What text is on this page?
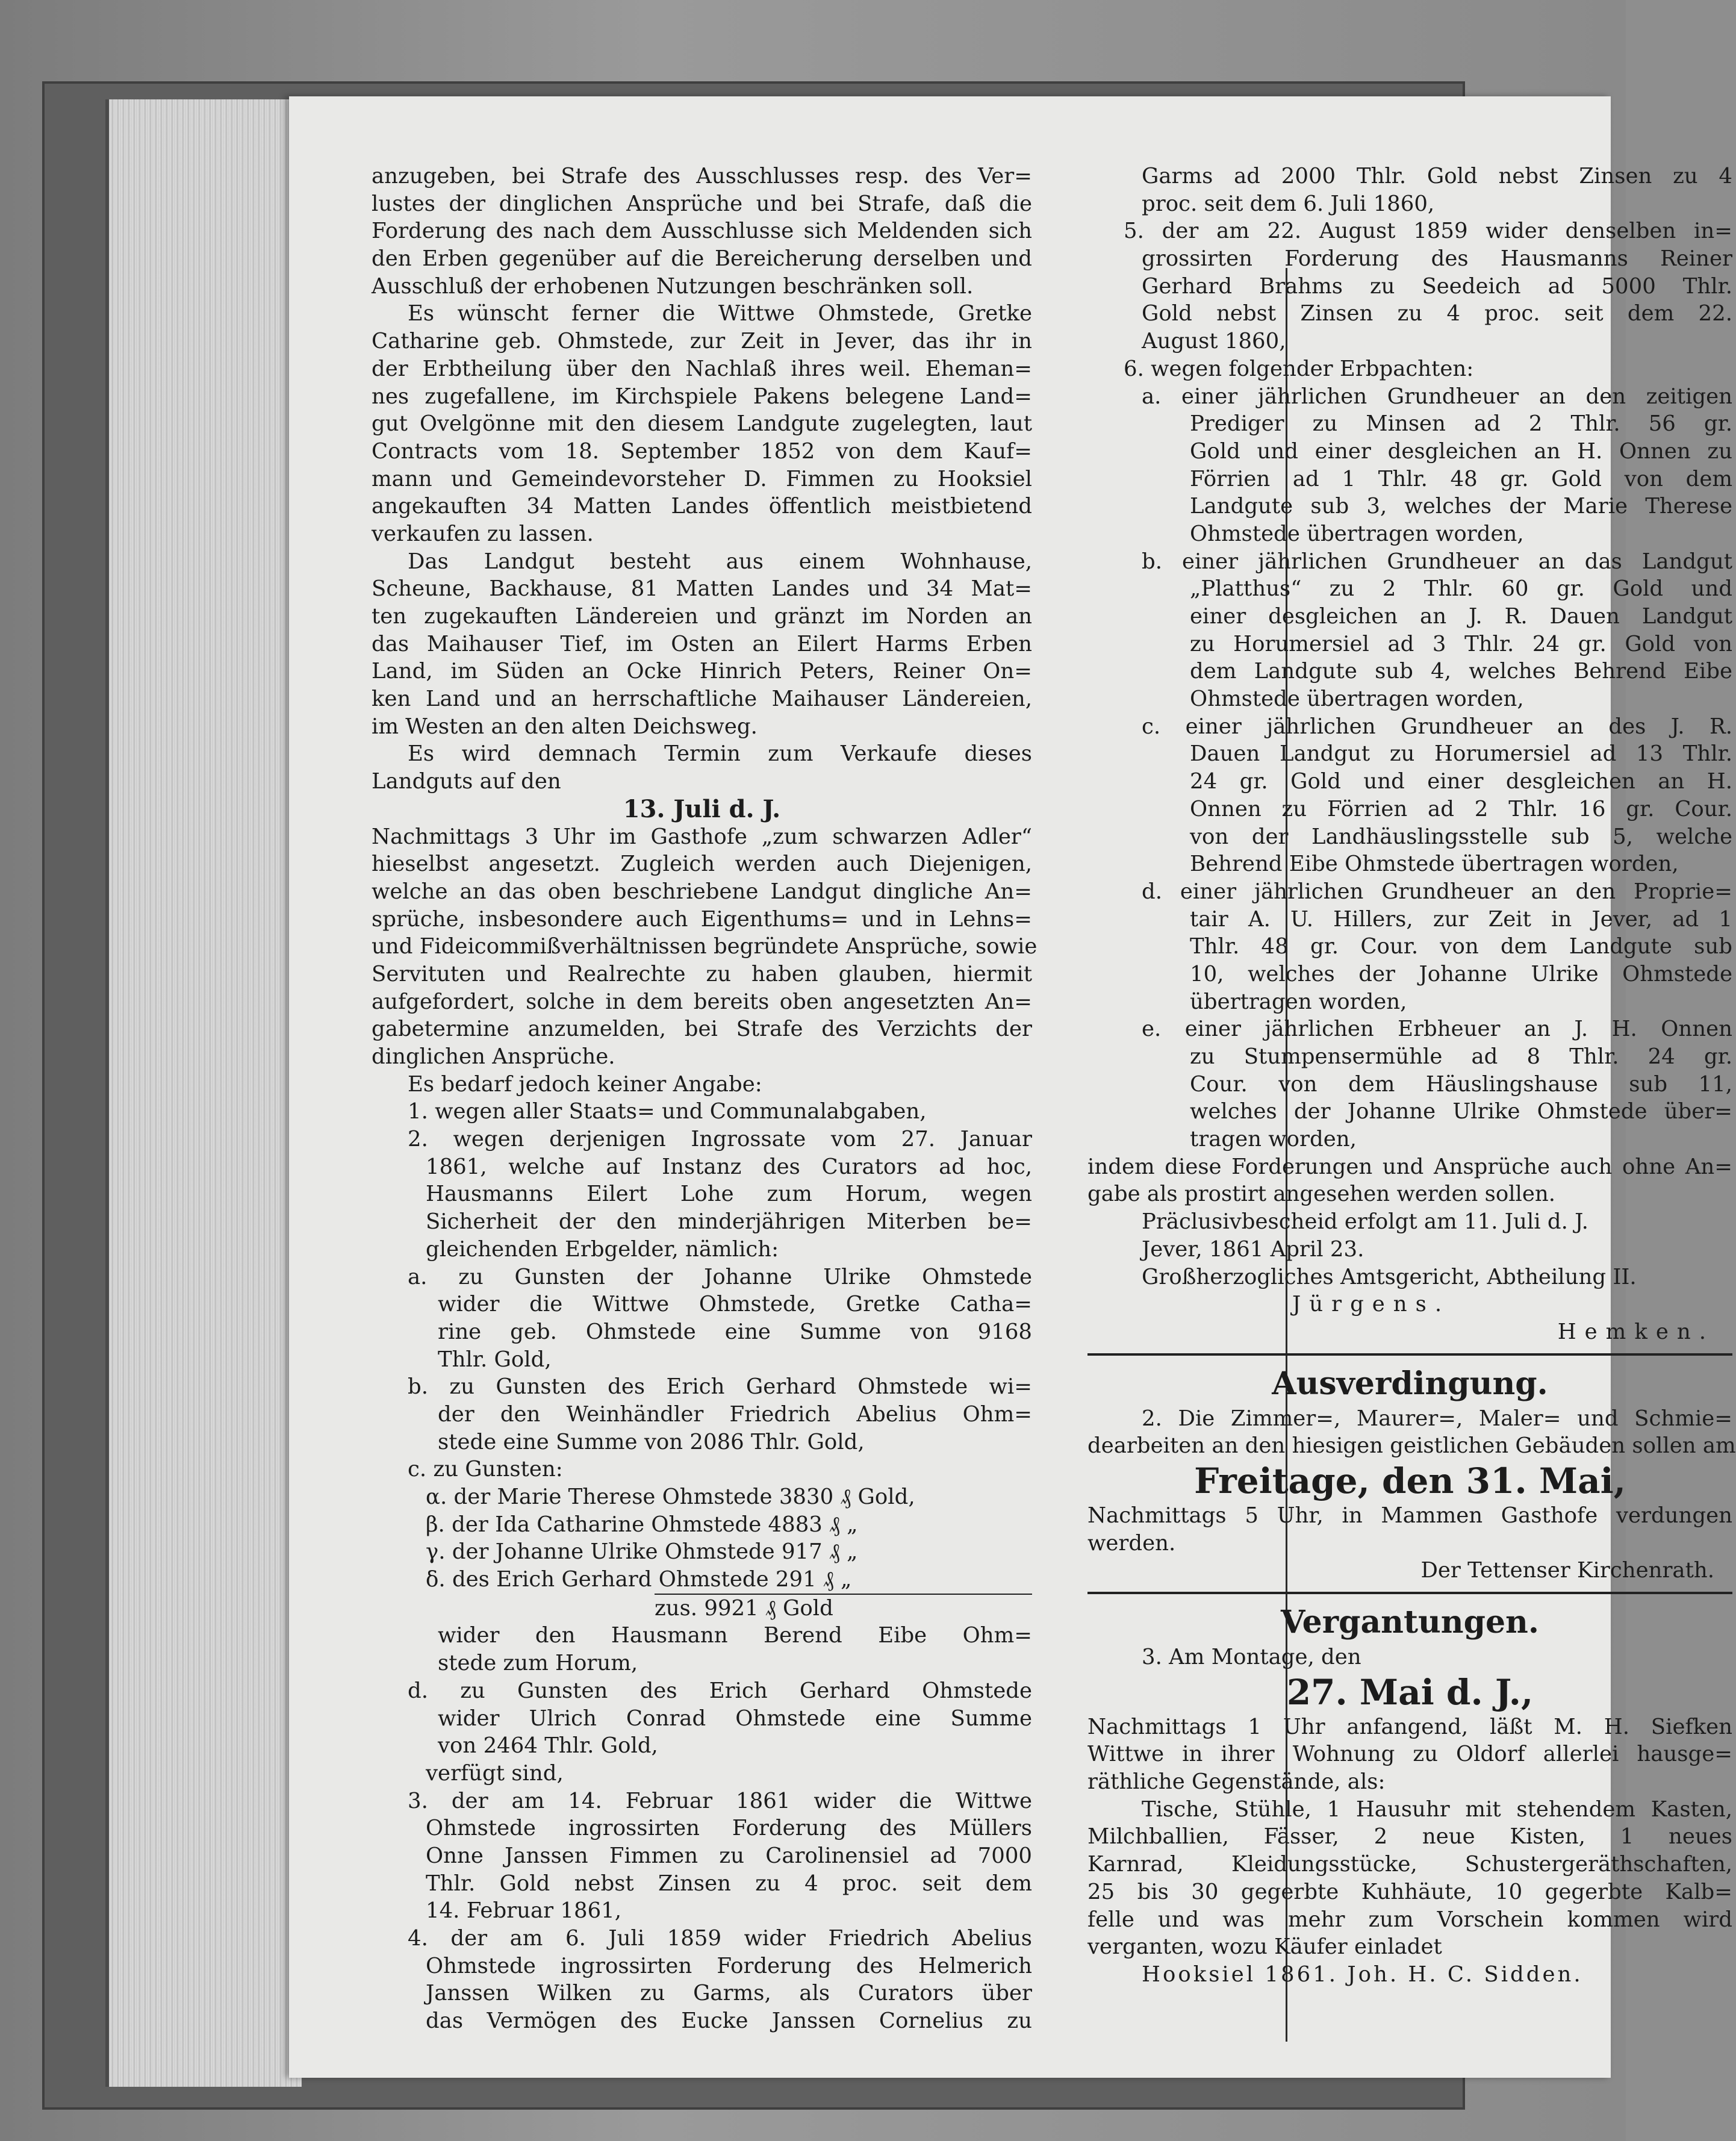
anzugeben, bei Strafe des Ausschlusses resp. des Ver=
lustes der dinglichen Ansprüche und bei Strafe, daß die
Forderung des nach dem Ausschlusse sich Meldenden sich
den Erben gegenüber auf die Bereicherung derselben und
Ausschluß der erhobenen Nutzungen beschränken soll.
Es wünscht ferner die Wittwe Ohmstede, Gretke
Catharine geb. Ohmstede, zur Zeit in Jever, das ihr in
der Erbtheilung über den Nachlaß ihres weil. Eheman=
nes zugefallene, im Kirchspiele Pakens belegene Land=
gut Ovelgönne mit den diesem Landgute zugelegten, laut
Contracts vom 18. September 1852 von dem Kauf=
mann und Gemeindevorsteher D. Fimmen zu Hooksiel
angekauften 34 Matten Landes öffentlich meistbietend
verkaufen zu lassen.
Das Landgut besteht aus einem Wohnhause,
Scheune, Backhause, 81 Matten Landes und 34 Mat=
ten zugekauften Ländereien und gränzt im Norden an
das Maihauser Tief, im Osten an Eilert Harms Erben
Land, im Süden an Ocke Hinrich Peters, Reiner On=
ken Land und an herrschaftliche Maihauser Ländereien,
im Westen an den alten Deichsweg.
Es wird demnach Termin zum Verkaufe dieses
Landguts auf den
13. Juli d. J.
Nachmittags 3 Uhr im Gasthofe „zum schwarzen Adler“
hieselbst angesetzt. Zugleich werden auch Diejenigen,
welche an das oben beschriebene Landgut dingliche An=
sprüche, insbesondere auch Eigenthums= und in Lehns=
und Fideicommißverhältnissen begründete Ansprüche, sowie
Servituten und Realrechte zu haben glauben, hiermit
aufgefordert, solche in dem bereits oben angesetzten An=
gabetermine anzumelden, bei Strafe des Verzichts der
dinglichen Ansprüche.
Es bedarf jedoch keiner Angabe:
1. wegen aller Staats= und Communalabgaben,
2. wegen derjenigen Ingrossate vom 27. Januar
1861, welche auf Instanz des Curators ad hoc,
Hausmanns Eilert Lohe zum Horum, wegen
Sicherheit der den minderjährigen Miterben be=
gleichenden Erbgelder, nämlich:
a. zu Gunsten der Johanne Ulrike Ohmstede
wider die Wittwe Ohmstede, Gretke Catha=
rine geb. Ohmstede eine Summe von 9168
Thlr. Gold,
b. zu Gunsten des Erich Gerhard Ohmstede wi=
der den Weinhändler Friedrich Abelius Ohm=
stede eine Summe von 2086 Thlr. Gold,
c. zu Gunsten:
α. der Marie Therese Ohmstede 3830 ₰ Gold,
β. der Ida Catharine Ohmstede 4883 ₰ „
γ. der Johanne Ulrike Ohmstede 917 ₰ „
δ. des Erich Gerhard Ohmstede 291 ₰ „
zus. 9921 ₰ Gold
wider den Hausmann Berend Eibe Ohm=
stede zum Horum,
d. zu Gunsten des Erich Gerhard Ohmstede
wider Ulrich Conrad Ohmstede eine Summe
von 2464 Thlr. Gold,
verfügt sind,
3. der am 14. Februar 1861 wider die Wittwe
Ohmstede ingrossirten Forderung des Müllers
Onne Janssen Fimmen zu Carolinensiel ad 7000
Thlr. Gold nebst Zinsen zu 4 proc. seit dem
14. Februar 1861,
4. der am 6. Juli 1859 wider Friedrich Abelius
Ohmstede ingrossirten Forderung des Helmerich
Janssen Wilken zu Garms, als Curators über
das Vermögen des Eucke Janssen Cornelius zu
Garms ad 2000 Thlr. Gold nebst Zinsen zu 4
proc. seit dem 6. Juli 1860,
5. der am 22. August 1859 wider denselben in=
grossirten Forderung des Hausmanns Reiner
Gerhard Brahms zu Seedeich ad 5000 Thlr.
Gold nebst Zinsen zu 4 proc. seit dem 22.
August 1860,
6. wegen folgender Erbpachten:
a. einer jährlichen Grundheuer an den zeitigen
Prediger zu Minsen ad 2 Thlr. 56 gr.
Gold und einer desgleichen an H. Onnen zu
Förrien ad 1 Thlr. 48 gr. Gold von dem
Landgute sub 3, welches der Marie Therese
Ohmstede übertragen worden,
b. einer jährlichen Grundheuer an das Landgut
„Platthus“ zu 2 Thlr. 60 gr. Gold und
einer desgleichen an J. R. Dauen Landgut
zu Horumersiel ad 3 Thlr. 24 gr. Gold von
dem Landgute sub 4, welches Behrend Eibe
Ohmstede übertragen worden,
c. einer jährlichen Grundheuer an des J. R.
Dauen Landgut zu Horumersiel ad 13 Thlr.
24 gr. Gold und einer desgleichen an H.
Onnen zu Förrien ad 2 Thlr. 16 gr. Cour.
von der Landhäuslingsstelle sub 5, welche
Behrend Eibe Ohmstede übertragen worden,
d. einer jährlichen Grundheuer an den Proprie=
tair A. U. Hillers, zur Zeit in Jever, ad 1
Thlr. 48 gr. Cour. von dem Landgute sub
10, welches der Johanne Ulrike Ohmstede
übertragen worden,
e. einer jährlichen Erbheuer an J. H. Onnen
zu Stumpensermühle ad 8 Thlr. 24 gr.
Cour. von dem Häuslingshause sub 11,
welches der Johanne Ulrike Ohmstede über=
tragen worden,
indem diese Forderungen und Ansprüche auch ohne An=
gabe als prostirt angesehen werden sollen.
Präclusivbescheid erfolgt am 11. Juli d. J.
Jever, 1861 April 23.
Großherzogliches Amtsgericht, Abtheilung II.
Jürgens.
Hemken.
Ausverdingung.
2. Die Zimmer=, Maurer=, Maler= und Schmie=
dearbeiten an den hiesigen geistlichen Gebäuden sollen am
Freitage, den 31. Mai,
Nachmittags 5 Uhr, in Mammen Gasthofe verdungen
werden.
Der Tettenser Kirchenrath.
Vergantungen.
3. Am Montage, den
27. Mai d. J.,
Nachmittags 1 Uhr anfangend, läßt M. H. Siefken
Wittwe in ihrer Wohnung zu Oldorf allerlei hausge=
räthliche Gegenstände, als:
Tische, Stühle, 1 Hausuhr mit stehendem Kasten,
Milchballien, Fässer, 2 neue Kisten, 1 neues
Karnrad, Kleidungsstücke, Schustergeräthschaften,
25 bis 30 gegerbte Kuhhäute, 10 gegerbte Kalb=
felle und was mehr zum Vorschein kommen wird
verganten, wozu Käufer einladet
Hooksiel 1861. Joh. H. C. Sidden.
